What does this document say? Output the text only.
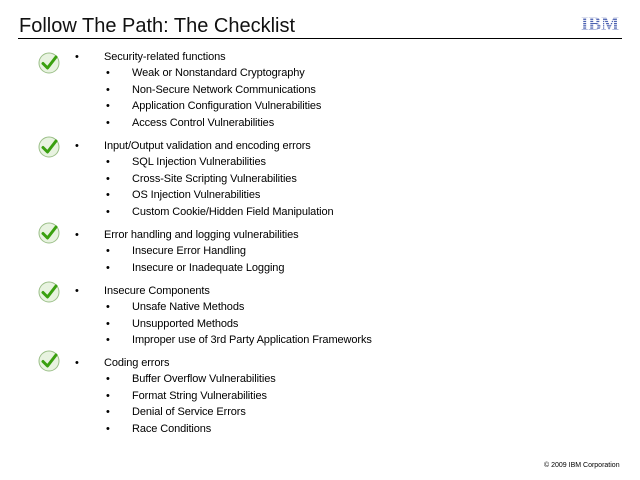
Follow The Path: The Checklist	IBM
• Security-related functions
• Weak or Nonstandard Cryptography
• Non-Secure Network Communications
• Application Configuration Vulnerabilities
• Access Control Vulnerabilities
• Input/Output validation and encoding errors
• SQL Injection Vulnerabilities
• Cross-Site Scripting Vulnerabilities
• OS Injection Vulnerabilities
• Custom Cookie/Hidden Field Manipulation
• Error handling and logging vulnerabilities
• Insecure Error Handling
• Insecure or Inadequate Logging
• Insecure Components
• Unsafe Native Methods
• Unsupported Methods
• Improper use of 3rd Party Application Frameworks
• Coding errors
• Buffer Overflow Vulnerabilities
• Format String Vulnerabilities
• Denial of Service Errors
• Race Conditions
© 2009 IBM Corporation
